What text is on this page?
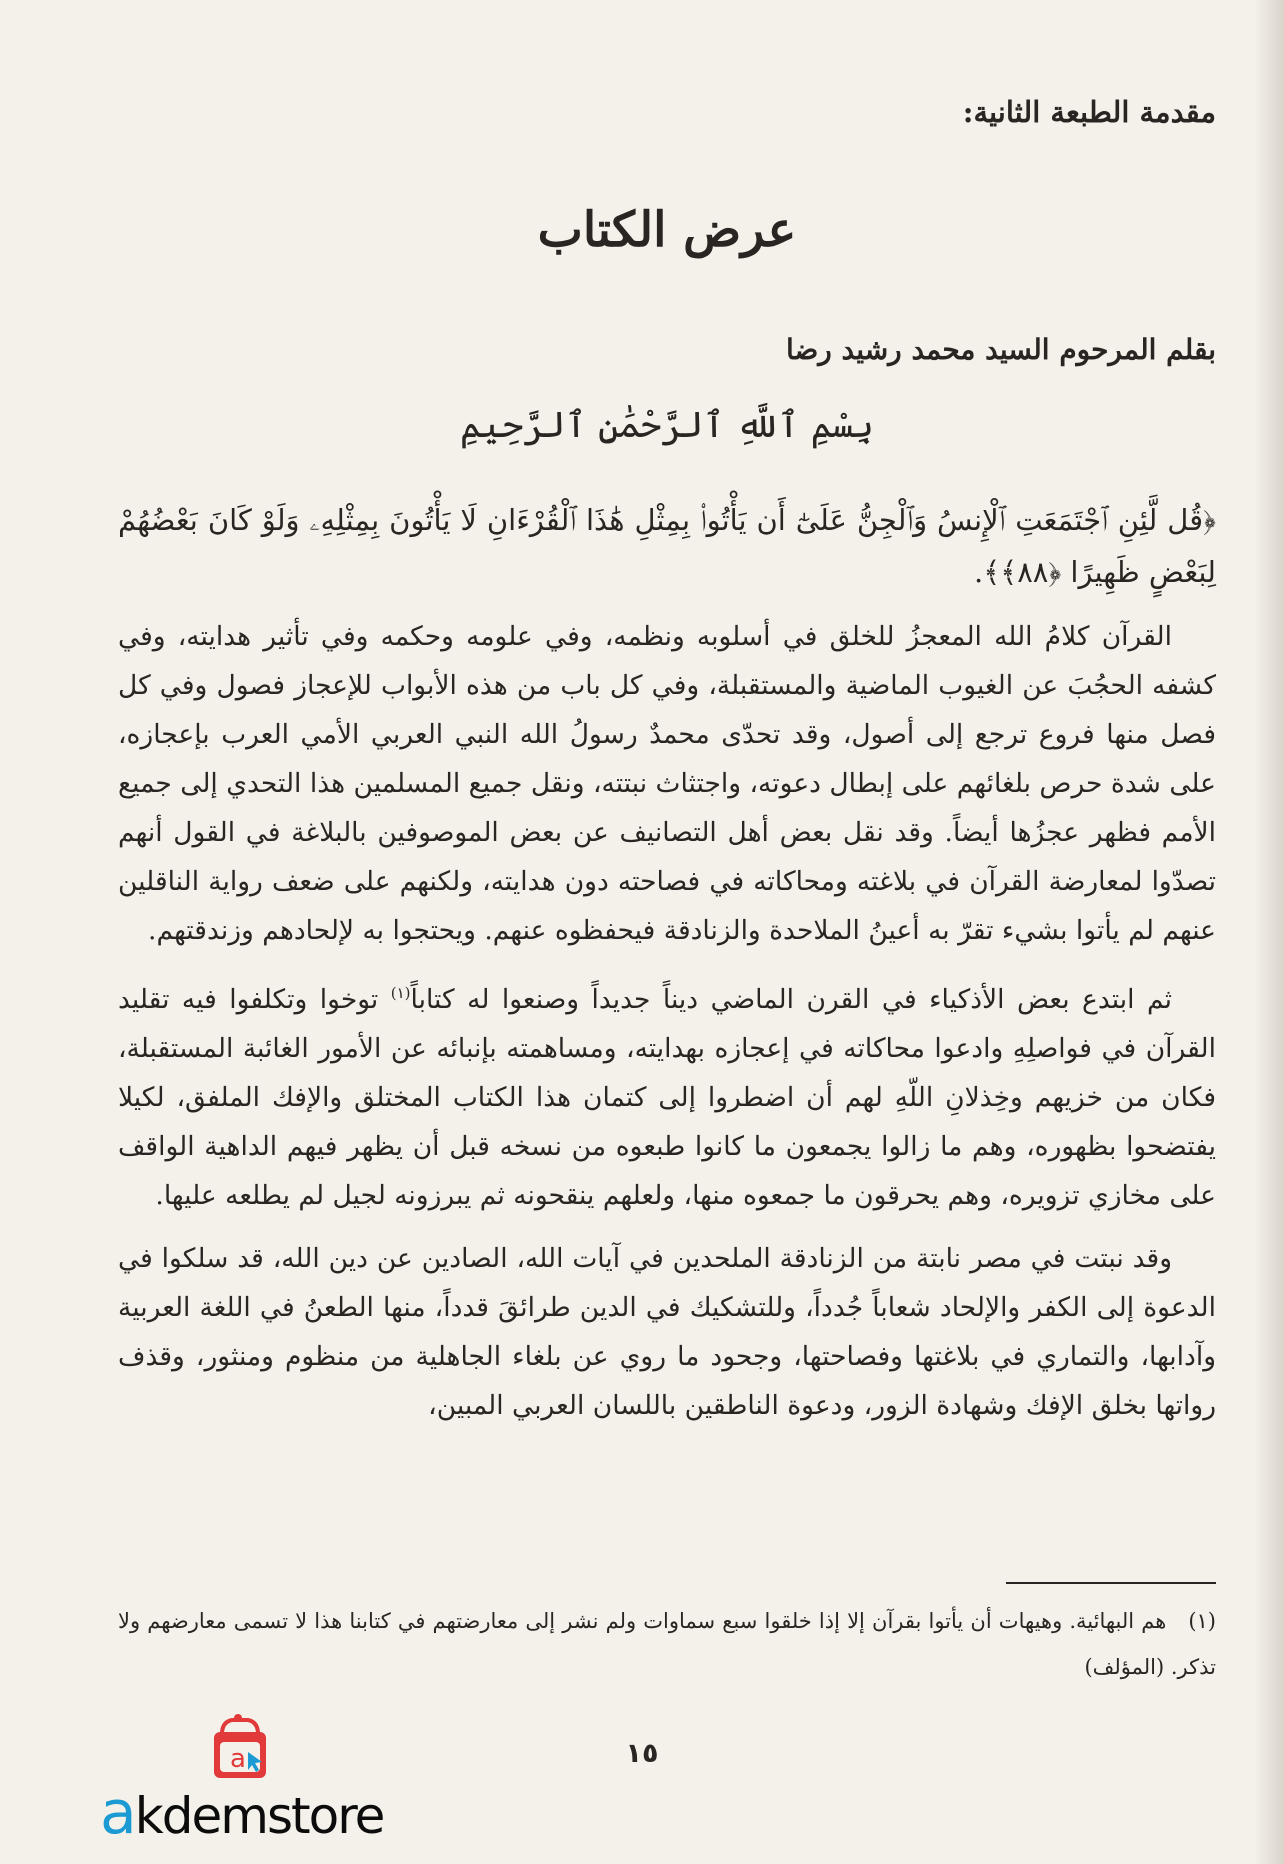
مقدمة الطبعة الثانية:
عرض الكتاب
بقلم المرحوم السيد محمد رشيد رضا
بِسْمِ ٱللَّهِ ٱلرَّحْمَٰنِ ٱلرَّحِيمِ
﴿قُل لَّئِنِ ٱجْتَمَعَتِ ٱلْإِنسُ وَٱلْجِنُّ عَلَىٰٓ أَن يَأْتُوا۟ بِمِثْلِ هَٰذَا ٱلْقُرْءَانِ لَا يَأْتُونَ بِمِثْلِهِۦ وَلَوْ كَانَ بَعْضُهُمْ لِبَعْضٍ ظَهِيرًا ﴿٨٨﴾﴾.

القرآن كلامُ الله المعجزُ للخلق في أسلوبه ونظمه، وفي علومه وحكمه وفي تأثير هدايته، وفي كشفه الحجُبَ عن الغيوب الماضية والمستقبلة، وفي كل باب من هذه الأبواب للإعجاز فصول وفي كل فصل منها فروع ترجع إلى أصول، وقد تحدّى محمدٌ رسولُ الله النبي العربي الأمي العرب بإعجازه، على شدة حرص بلغائهم على إبطال دعوته، واجتثاث نبتته، ونقل جميع المسلمين هذا التحدي إلى جميع الأمم فظهر عجزُها أيضاً. وقد نقل بعض أهل التصانيف عن بعض الموصوفين بالبلاغة في القول أنهم تصدّوا لمعارضة القرآن في بلاغته ومحاكاته في فصاحته دون هدايته، ولكنهم على ضعف رواية الناقلين عنهم لم يأتوا بشيء تقرّ به أعينُ الملاحدة والزنادقة فيحفظوه عنهم. ويحتجوا به لإلحادهم وزندقتهم.

ثم ابتدع بعض الأذكياء في القرن الماضي ديناً جديداً وصنعوا له كتاباً$^{(١)}$ توخوا وتكلفوا فيه تقليد القرآن في فواصلِهِ وادعوا محاكاته في إعجازه بهدايته، ومساهمته بإنبائه عن الأمور الغائبة المستقبلة، فكان من خزيهم وخِذلانِ اللّهِ لهم أن اضطروا إلى كتمان هذا الكتاب المختلق والإفك الملفق، لكيلا يفتضحوا بظهوره، وهم ما زالوا يجمعون ما كانوا طبعوه من نسخه قبل أن يظهر فيهم الداهية الواقف على مخازي تزويره، وهم يحرقون ما جمعوه منها، ولعلهم ينقحونه ثم يبرزونه لجيل لم يطلعه عليها.

وقد نبتت في مصر نابتة من الزنادقة الملحدين في آيات الله، الصادين عن دين الله، قد سلكوا في الدعوة إلى الكفر والإلحاد شعاباً جُدداً، وللتشكيك في الدين طرائقَ قدداً، منها الطعنُ في اللغة العربية وآدابها، والتماري في بلاغتها وفصاحتها، وجحود ما روي عن بلغاء الجاهلية من منظوم ومنثور، وقذف رواتها بخلق الإفك وشهادة الزور، ودعوة الناطقين باللسان العربي المبين،

(١)هم البهائية. وهيهات أن يأتوا بقرآن إلا إذا خلقوا سبع سماوات ولم نشر إلى معارضتهم في كتابنا هذا لا تسمى معارضهم ولا تذكر. (المؤلف)
١٥
a
akdemstore
